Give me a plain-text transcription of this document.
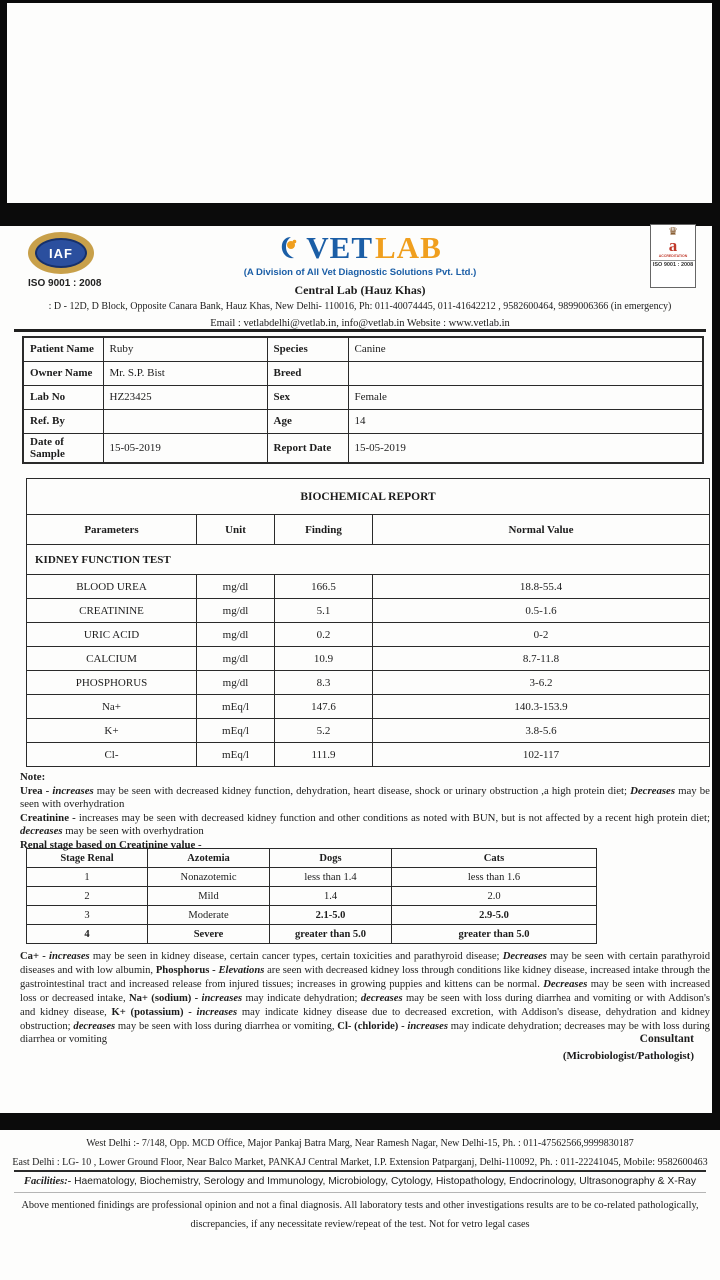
IAF
ISO 9001 : 2008
VET LAB
(A Division of All Vet Diagnostic Solutions Pvt. Ltd.)
♛
a
ACCREDITATION
ISO 9001 : 2008
Central Lab (Hauz Khas)
: D - 12D, D Block, Opposite Canara Bank, Hauz Khas, New Delhi- 110016, Ph: 011-40074445, 011-41642212 , 9582600464, 9899006366 (in emergency)
Email : vetlabdelhi@vetlab.in, info@vetlab.in Website : www.vetlab.in
Patient Name	Ruby	Species	Canine
Owner Name	Mr. S.P. Bist	Breed	
Lab No	HZ23425	Sex	Female
Ref. By		Age	14
Date of Sample	15-05-2019	Report Date	15-05-2019
BIOCHEMICAL REPORT			
Parameters	Unit	Finding	Normal Value
KIDNEY FUNCTION TEST			
BLOOD UREA	mg/dl	166.5	18.8-55.4
CREATININE	mg/dl	5.1	0.5-1.6
URIC ACID	mg/dl	0.2	0-2
CALCIUM	mg/dl	10.9	8.7-11.8
PHOSPHORUS	mg/dl	8.3	3-6.2
Na+	mEq/l	147.6	140.3-153.9
K+	mEq/l	5.2	3.8-5.6
Cl-	mEq/l	111.9	102-117
Note:

Urea - increases may be seen with decreased kidney function, dehydration, heart disease, shock or urinary obstruction ,a high protein diet; Decreases may be seen with overhydration

Creatinine - increases may be seen with decreased kidney function and other conditions as noted with BUN, but is not affected by a recent high protein diet; decreases may be seen with overhydration

Renal stage based on Creatinine value -
Stage Renal	Azotemia	Dogs	Cats
1	Nonazotemic	less than 1.4	less than 1.6
2	Mild	1.4	2.0
3	Moderate	2.1-5.0	2.9-5.0
4	Severe	greater than 5.0	greater than 5.0

Ca+ - increases may be seen in kidney disease, certain cancer types, certain toxicities and parathyroid disease; Decreases may be seen with certain parathyroid diseases and with low albumin, Phosphorus - Elevations are seen with decreased kidney loss through conditions like kidney disease, increased intake through the gastrointestinal tract and increased release from injured tissues; increases in growing puppies and kittens can be normal. Decreases may be seen with increased loss or decreased intake, Na+ (sodium) - increases may indicate dehydration; decreases may be seen with loss during diarrhea and vomiting or with Addison's and kidney disease, K+ (potassium) - increases may indicate kidney disease due to decreased excretion, with Addison's disease, dehydration and kidney obstruction; decreases may be seen with loss during diarrhea or vomiting, Cl- (chloride) - increases may indicate dehydration; decreases may be with loss during diarrhea or vomiting	Consultant
(Microbiologist/Pathologist)
West Delhi :- 7/148, Opp. MCD Office, Major Pankaj Batra Marg, Near Ramesh Nagar, New Delhi-15, Ph. : 011-47562566,9999830187
East Delhi : LG- 10 , Lower Ground Floor, Near Balco Market, PANKAJ Central Market, I.P. Extension Patparganj, Delhi-110092, Ph. : 011-22241045, Mobile: 9582600463
Facilities:- Haematology, Biochemistry, Serology and Immunology, Microbiology, Cytology, Histopathology, Endocrinology, Ultrasonography & X-Ray
Above mentioned finidings are professional opinion and not a final diagnosis. All laboratory tests and other investigations results are to be co-related pathologically,
discrepancies, if any necessitate review/repeat of the test. Not for vetro legal cases
